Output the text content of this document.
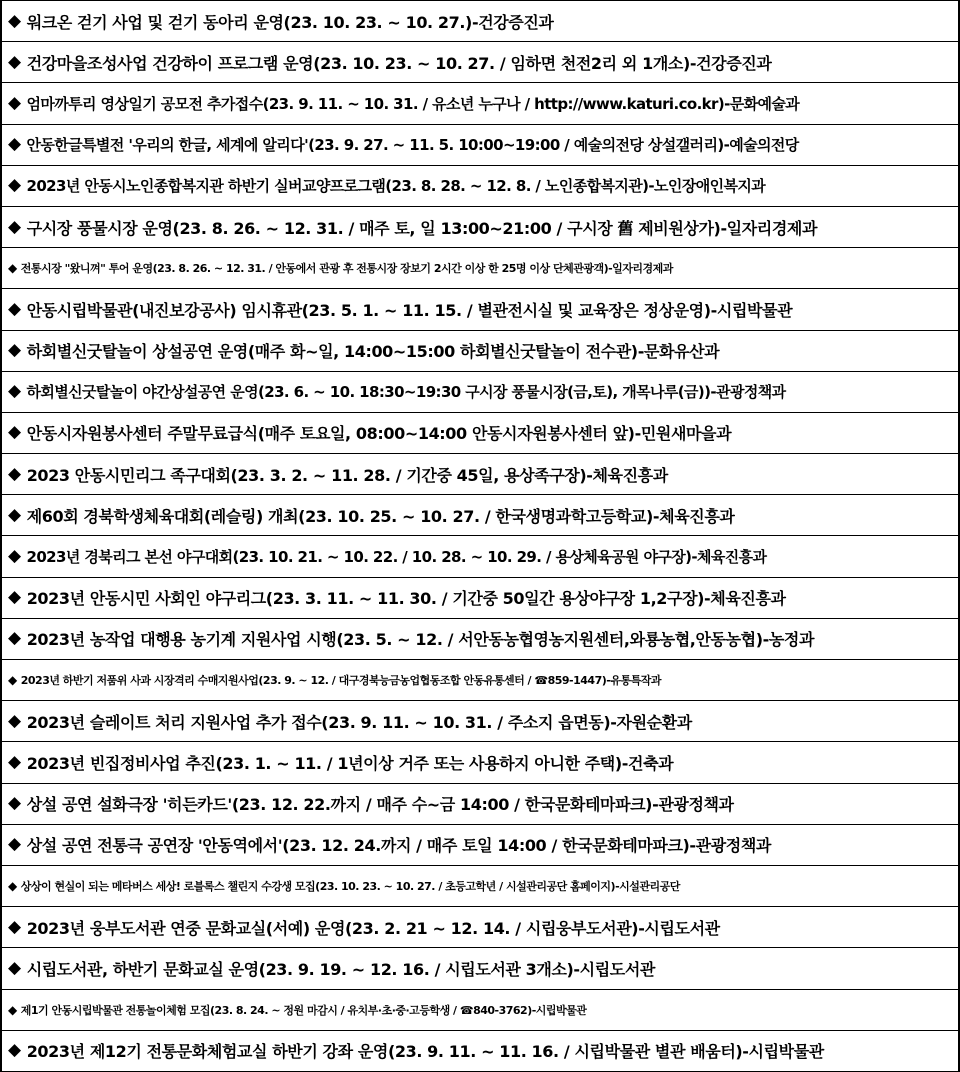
◆ 워크온 걷기 사업 및 걷기 동아리 운영(23. 10. 23. ~ 10. 27.)-건강증진과
◆ 건강마을조성사업 건강하이 프로그램 운영(23. 10. 23. ~ 10. 27. / 임하면 천전2리 외 1개소)-건강증진과
◆ 엄마까투리 영상일기 공모전 추가접수(23. 9. 11. ~ 10. 31. / 유소년 누구나 / http://www.katuri.co.kr)-문화예술과
◆ 안동한글특별전 '우리의 한글, 세계에 알리다'(23. 9. 27. ~ 11. 5. 10:00~19:00 / 예술의전당 상설갤러리)-예술의전당
◆ 2023년 안동시노인종합복지관 하반기 실버교양프로그램(23. 8. 28. ~ 12. 8. / 노인종합복지관)-노인장애인복지과
◆ 구시장 풍물시장 운영(23. 8. 26. ~ 12. 31. / 매주 토, 일 13:00~21:00 / 구시장 舊 제비원상가)-일자리경제과
◆ 전통시장 "왔니껴" 투어 운영(23. 8. 26. ~ 12. 31. / 안동에서 관광 후 전통시장 장보기 2시간 이상 한 25명 이상 단체관광객)-일자리경제과
◆ 안동시립박물관(내진보강공사) 임시휴관(23. 5. 1. ~ 11. 15. / 별관전시실 및 교육장은 정상운영)-시립박물관
◆ 하회별신굿탈놀이 상설공연 운영(매주 화~일, 14:00~15:00 하회별신굿탈놀이 전수관)-문화유산과
◆ 하회별신굿탈놀이 야간상설공연 운영(23. 6. ~ 10. 18:30~19:30 구시장 풍물시장(금,토), 개목나루(금))-관광정책과
◆ 안동시자원봉사센터 주말무료급식(매주 토요일, 08:00~14:00 안동시자원봉사센터 앞)-민원새마을과
◆ 2023 안동시민리그 족구대회(23. 3. 2. ~ 11. 28. / 기간중 45일, 용상족구장)-체육진흥과
◆ 제60회 경북학생체육대회(레슬링) 개최(23. 10. 25. ~ 10. 27. / 한국생명과학고등학교)-체육진흥과
◆ 2023년 경북리그 본선 야구대회(23. 10. 21. ~ 10. 22. / 10. 28. ~ 10. 29. / 용상체육공원 야구장)-체육진흥과
◆ 2023년 안동시민 사회인 야구리그(23. 3. 11. ~ 11. 30. / 기간중 50일간 용상야구장 1,2구장)-체육진흥과
◆ 2023년 농작업 대행용 농기계 지원사업 시행(23. 5. ~ 12. / 서안동농협영농지원센터,와룡농협,안동농협)-농정과
◆ 2023년 하반기 저품위 사과 시장격리 수매지원사업(23. 9. ~ 12. / 대구경북능금농업협동조합 안동유통센터 / ☎859-1447)-유통특작과
◆ 2023년 슬레이트 처리 지원사업 추가 접수(23. 9. 11. ~ 10. 31. / 주소지 읍면동)-자원순환과
◆ 2023년 빈집정비사업 추진(23. 1. ~ 11. / 1년이상 거주 또는 사용하지 아니한 주택)-건축과
◆ 상설 공연 설화극장 '히든카드'(23. 12. 22.까지 / 매주 수~금 14:00 / 한국문화테마파크)-관광정책과
◆ 상설 공연 전통극 공연장 '안동역에서'(23. 12. 24.까지 / 매주 토일 14:00 / 한국문화테마파크)-관광정책과
◆ 상상이 현실이 되는 메타버스 세상! 로블록스 챌린지 수강생 모집(23. 10. 23. ~ 10. 27. / 초등고학년 / 시설관리공단 홈페이지)-시설관리공단
◆ 2023년 웅부도서관 연중 문화교실(서예) 운영(23. 2. 21 ~ 12. 14. / 시립웅부도서관)-시립도서관
◆ 시립도서관, 하반기 문화교실 운영(23. 9. 19. ~ 12. 16. / 시립도서관 3개소)-시립도서관
◆ 제1기 안동시립박물관 전통놀이체험 모집(23. 8. 24. ~ 정원 마감시 / 유치부·초·중·고등학생 / ☎840-3762)-시립박물관
◆ 2023년 제12기 전통문화체험교실 하반기 강좌 운영(23. 9. 11. ~ 11. 16. / 시립박물관 별관 배움터)-시립박물관
